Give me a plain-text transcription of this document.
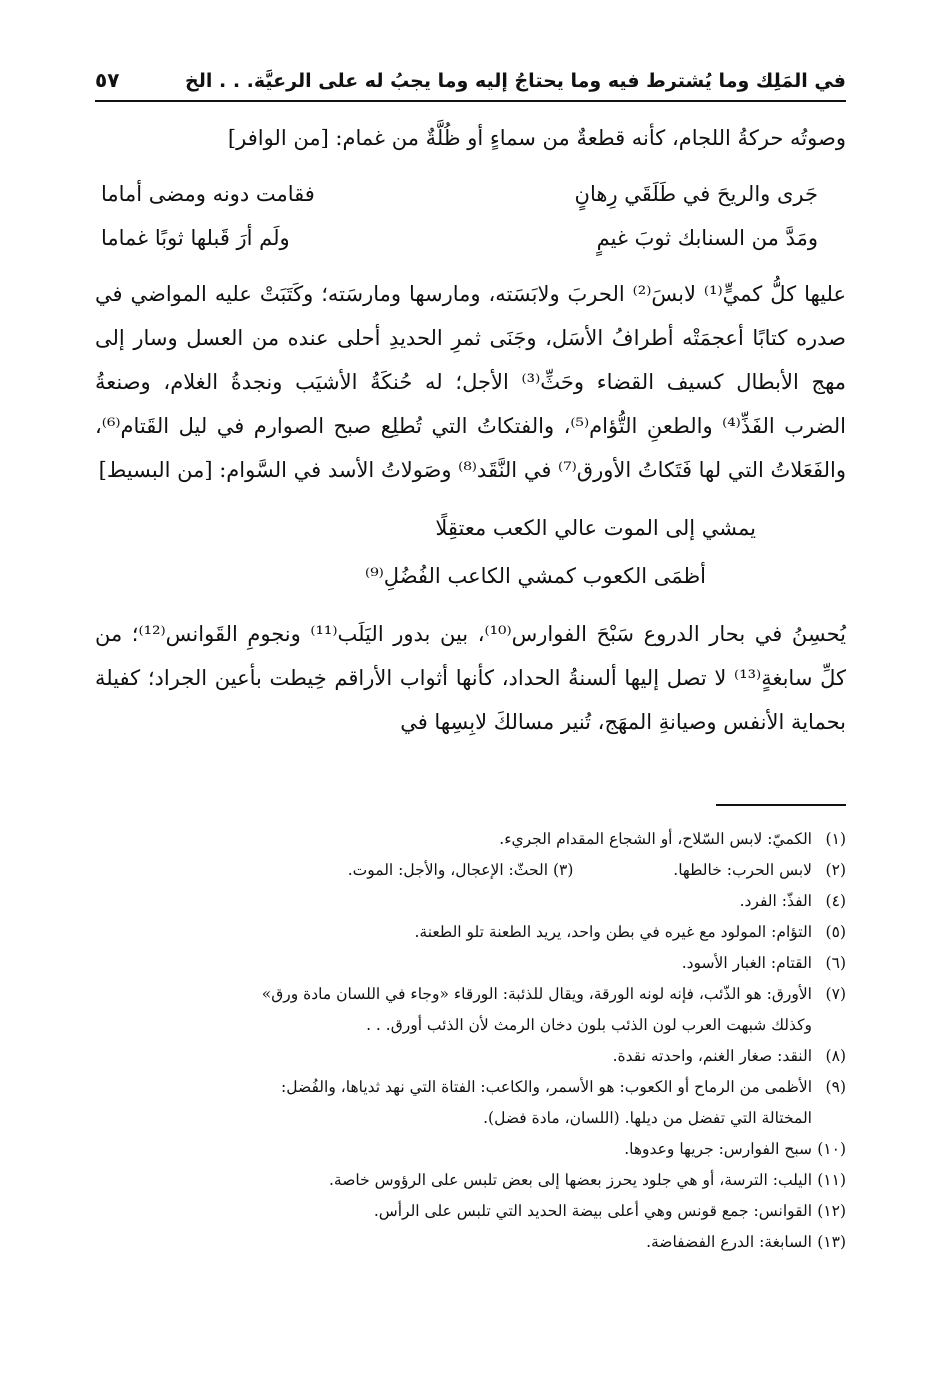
في المَلِك وما يُشترط فيه وما يحتاجُ إليه وما يجبُ له على الرعيَّة. . . الخ
٥٧

وصوتُه حركةُ اللجام، كأنه قطعةٌ من سماءٍ أو ظُلَّةٌ من غمام: [من الوافر]

جَرى والريحَ في طَلَقَي رِهانٍ
فقامت دونه ومضى أماما
ومَدَّ من السنابك ثوبَ غيمٍ
ولَم أرَ قَبلها ثوبًا غماما

عليها كلُّ كميٍّ⁽¹⁾ لابسَ⁽²⁾ الحربَ ولابَسَته، ومارسها ومارسَته؛ وكَتَبَتْ عليه المواضي في صدره كتابًا أعجمَتْه أطرافُ الأسَل، وجَنَى ثمرِ الحديدِ أحلى عنده من العسل وسار إلى مهج الأبطال كسيف القضاء وحَثِّ⁽³⁾ الأجل؛ له حُنكَةُ الأشيَب ونجدةُ الغلام، وصنعةُ الضرب الفَذِّ⁽⁴⁾ والطعنِ التُّؤام⁽⁵⁾، والفتكاتُ التي تُطلِع صبح الصوارم في ليل القَتام⁽⁶⁾، والفَعَلاتُ التي لها فَتَكاتُ الأورق⁽⁷⁾ في النَّقَد⁽⁸⁾ وصَولاتُ الأسد في السَّوام: [من البسيط]

يمشي إلى الموت عالي الكعب معتقِلًا

أظمَى الكعوب كمشي الكاعب الفُضُلِ⁽⁹⁾

يُحسِنُ في بحار الدروع سَبْحَ الفوارس⁽¹⁰⁾، بين بدور اليَلَب⁽¹¹⁾ ونجومِ القَوانس⁽¹²⁾؛ من كلِّ سابغةٍ⁽¹³⁾ لا تصل إليها ألسنةُ الحداد، كأنها أثواب الأراقم خِيطت بأعين الجراد؛ كفيلة بحماية الأنفس وصيانةِ المهَج، تُنير مسالكَ لابِسِها في

(١)
الكميّ: لابس السّلاح، أو الشجاع المقدام الجريء.
(٢)
لابس الحرب: خالطها.  (٣) الحثّ: الإعجال، والأجل: الموت.
(٤)
الفذّ: الفرد.
(٥)
التؤام: المولود مع غيره في بطن واحد، يريد الطعنة تلو الطعنة.
(٦)
القتام: الغبار الأسود.
(٧)
الأورق: هو الذّئب، فإنه لونه الورقة، ويقال للذئبة: الورقاء «وجاء في اللسان مادة ورق»
وكذلك شبهت العرب لون الذئب بلون دخان الرمث لأن الذئب أورق. . .
(٨)
النقد: صغار الغنم، واحدته نقدة.
(٩)
الأظمى من الرماح أو الكعوب: هو الأسمر، والكاعب: الفتاة التي نهد ثدياها، والفُضل:
المختالة التي تفضل من ديلها. (اللسان، مادة فضل).
(١٠)
سبح الفوارس: جريها وعدوها.
(١١)
اليلب: الترسة، أو هي جلود يحرز بعضها إلى بعض تلبس على الرؤوس خاصة.
(١٢)
القوانس: جمع قونس وهي أعلى بيضة الحديد التي تلبس على الرأس.
(١٣)
السابغة: الدرع الفضفاضة.
